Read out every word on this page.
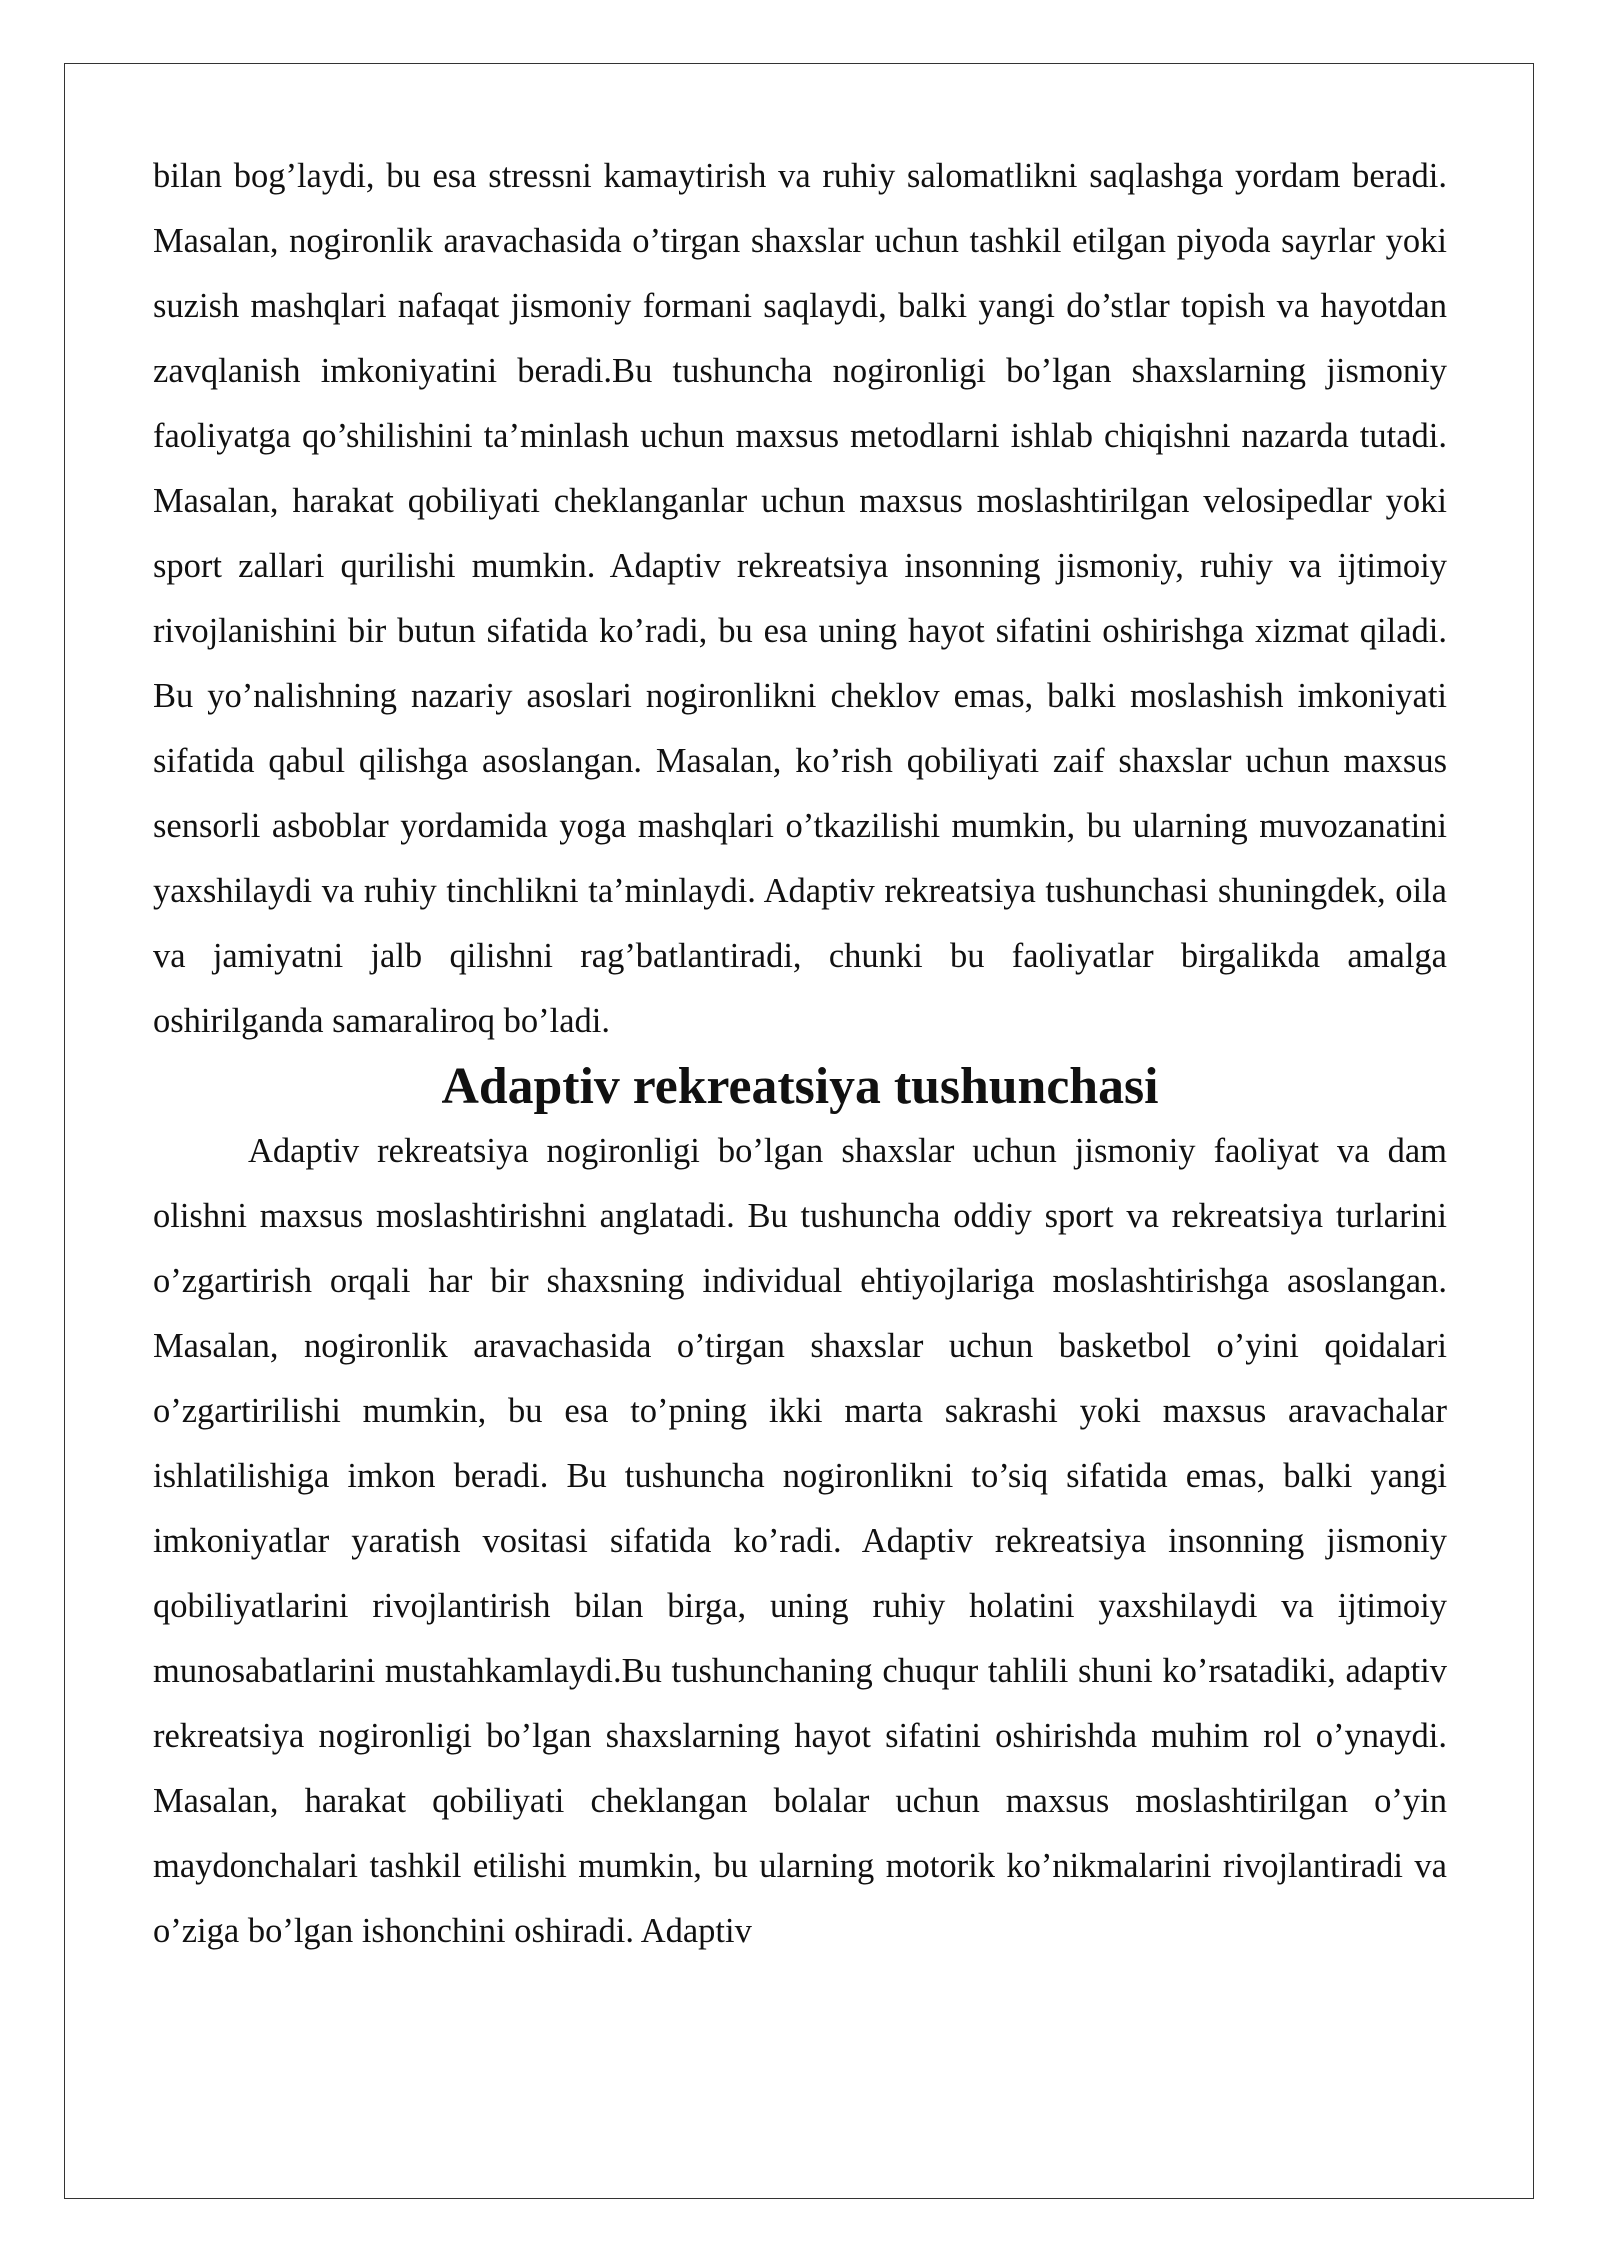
bilan bog’laydi, bu esa stressni kamaytirish va ruhiy salomatlikni saqlashga yordam beradi. Masalan, nogironlik aravachasida o’tirgan shaxslar uchun tashkil etilgan piyoda sayrlar yoki suzish mashqlari nafaqat jismoniy formani saqlaydi, balki yangi do’stlar topish va hayotdan zavqlanish imkoniyatini beradi.Bu tushuncha nogironligi bo’lgan shaxslarning jismoniy faoliyatga qo’shilishini ta’minlash uchun maxsus metodlarni ishlab chiqishni nazarda tutadi. Masalan, harakat qobiliyati cheklanganlar uchun maxsus moslashtirilgan velosipedlar yoki sport zallari qurilishi mumkin. Adaptiv rekreatsiya insonning jismoniy, ruhiy va ijtimoiy rivojlanishini bir butun sifatida ko’radi, bu esa uning hayot sifatini oshirishga xizmat qiladi. Bu yo’nalishning nazariy asoslari nogironlikni cheklov emas, balki moslashish imkoniyati sifatida qabul qilishga asoslangan. Masalan, ko’rish qobiliyati zaif shaxslar uchun maxsus sensorli asboblar yordamida yoga mashqlari o’tkazilishi mumkin, bu ularning muvozanatini yaxshilaydi va ruhiy tinchlikni ta’minlaydi. Adaptiv rekreatsiya tushunchasi shuningdek, oila va jamiyatni jalb qilishni rag’batlantiradi, chunki bu faoliyatlar birgalikda amalga oshirilganda samaraliroq bo’ladi.

Adaptiv rekreatsiya tushunchasi

Adaptiv rekreatsiya nogironligi bo’lgan shaxslar uchun jismoniy faoliyat va dam olishni maxsus moslashtirishni anglatadi. Bu tushuncha oddiy sport va rekreatsiya turlarini o’zgartirish orqali har bir shaxsning individual ehtiyojlariga moslashtirishga asoslangan. Masalan, nogironlik aravachasida o’tirgan shaxslar uchun basketbol o’yini qoidalari o’zgartirilishi mumkin, bu esa to’pning ikki marta sakrashi yoki maxsus aravachalar ishlatilishiga imkon beradi. Bu tushuncha nogironlikni to’siq sifatida emas, balki yangi imkoniyatlar yaratish vositasi sifatida ko’radi. Adaptiv rekreatsiya insonning jismoniy qobiliyatlarini rivojlantirish bilan birga, uning ruhiy holatini yaxshilaydi va ijtimoiy munosabatlarini mustahkamlaydi.Bu tushunchaning chuqur tahlili shuni ko’rsatadiki, adaptiv rekreatsiya nogironligi bo’lgan shaxslarning hayot sifatini oshirishda muhim rol o’ynaydi. Masalan, harakat qobiliyati cheklangan bolalar uchun maxsus moslashtirilgan o’yin maydonchalari tashkil etilishi mumkin, bu ularning motorik ko’nikmalarini rivojlantiradi va o’ziga bo’lgan ishonchini oshiradi. Adaptiv
